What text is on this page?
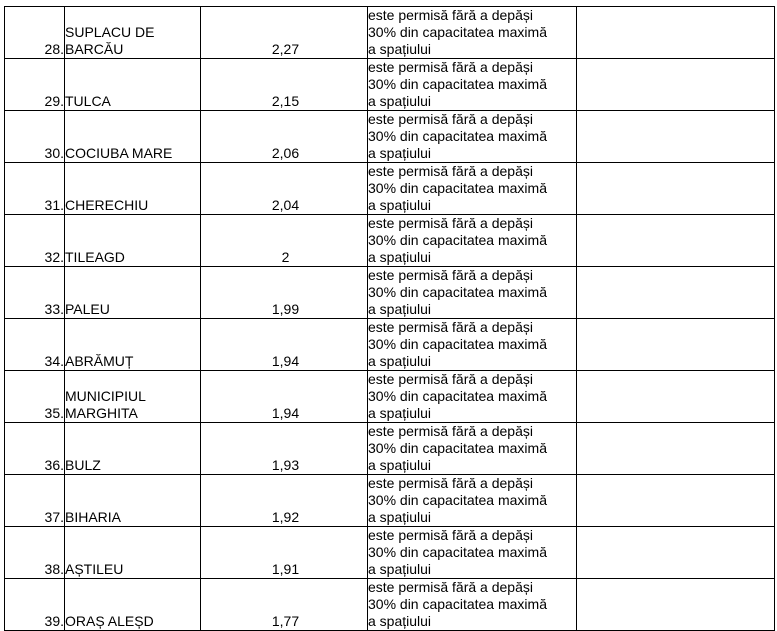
28.	SUPLACU DE
BARCĂU	2,27	este permisă fără a depăși
30% din capacitatea maximă
a spațiului	

29.	TULCA	2,15	este permisă fără a depăși
30% din capacitatea maximă
a spațiului	

30.	COCIUBA MARE	2,06	este permisă fără a depăși
30% din capacitatea maximă
a spațiului	

31.	CHERECHIU	2,04	este permisă fără a depăși
30% din capacitatea maximă
a spațiului	

32.	TILEAGD	2	este permisă fără a depăși
30% din capacitatea maximă
a spațiului	

33.	PALEU	1,99	este permisă fără a depăși
30% din capacitatea maximă
a spațiului	

34.	ABRĂMUȚ	1,94	este permisă fără a depăși
30% din capacitatea maximă
a spațiului	

35.	MUNICIPIUL
MARGHITA	1,94	este permisă fără a depăși
30% din capacitatea maximă
a spațiului	

36.	BULZ	1,93	este permisă fără a depăși
30% din capacitatea maximă
a spațiului	

37.	BIHARIA	1,92	este permisă fără a depăși
30% din capacitatea maximă
a spațiului	

38.	AȘTILEU	1,91	este permisă fără a depăși
30% din capacitatea maximă
a spațiului	

39.	ORAȘ ALEȘD	1,77	este permisă fără a depăși
30% din capacitatea maximă
a spațiului	
